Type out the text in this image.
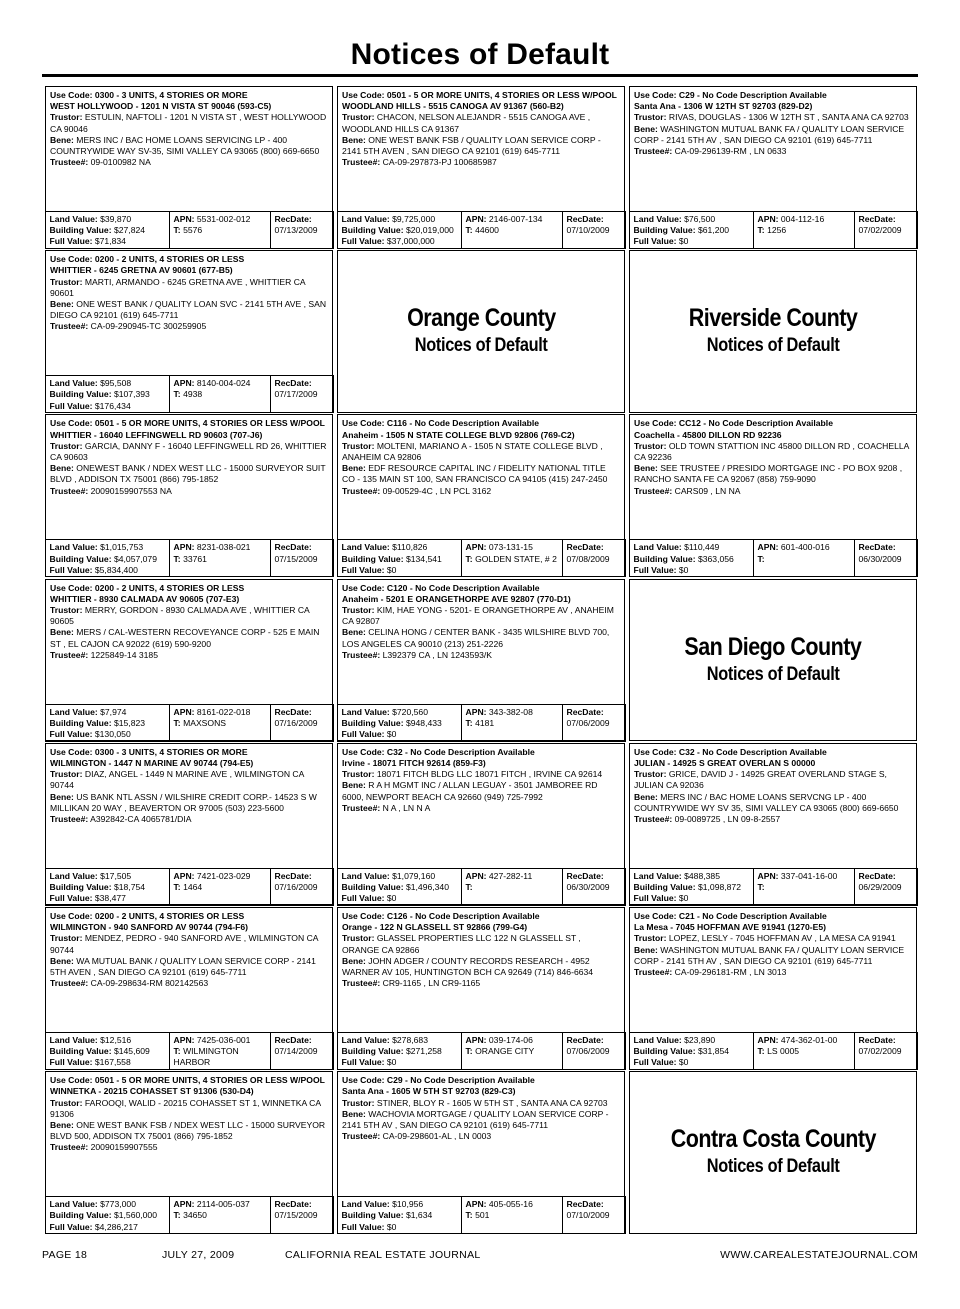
Notices of Default
Use Code: 0300 - 3 UNITS, 4 STORIES OR MORE
WEST HOLLYWOOD - 1201 N VISTA ST 90046 (593-C5)
Trustor: ESTULIN, NAFTOLI - 1201 N VISTA ST , WEST HOLLYWOOD CA 90046
Bene: MERS INC / BAC HOME LOANS SERVICING LP - 400 COUNTRYWIDE WAY SV-35, SIMI VALLEY CA 93065 (800) 669-6650
Trustee#: 09-0100982 NA
Land Value: $39,870
Building Value: $27,824
Full Value: $71,834
APN: 5531-002-012
T: 5576
RecDate:
07/13/2009
Use Code: 0200 - 2 UNITS, 4 STORIES OR LESS
WHITTIER - 6245 GRETNA AV 90601 (677-B5)
Trustor: MARTI, ARMANDO - 6245 GRETNA AVE , WHITTIER CA 90601
Bene: ONE WEST BANK / QUALITY LOAN SVC - 2141 5TH AVE , SAN DIEGO CA 92101 (619) 645-7711
Trustee#: CA-09-290945-TC 300259905
Land Value: $95,508
Building Value: $107,393
Full Value: $176,434
APN: 8140-004-024
T: 4938
RecDate:
07/17/2009
Use Code: 0501 - 5 OR MORE UNITS, 4 STORIES OR LESS W/POOL
WHITTIER - 16040 LEFFINGWELL RD 90603 (707-J6)
Trustor: GARCIA, DANNY F - 16040 LEFFINGWELL RD 26, WHITTIER CA 90603
Bene: ONEWEST BANK / NDEX WEST LLC - 15000 SURVEYOR SUIT BLVD , ADDISON TX 75001 (866) 795-1852
Trustee#: 20090159907553 NA
Land Value: $1,015,753
Building Value: $4,057,079
Full Value: $5,834,400
APN: 8231-038-021
T: 33761
RecDate:
07/15/2009
Use Code: 0200 - 2 UNITS, 4 STORIES OR LESS
WHITTIER - 8930 CALMADA AV 90605 (707-E3)
Trustor: MERRY, GORDON - 8930 CALMADA AVE , WHITTIER CA 90605
Bene: MERS / CAL-WESTERN RECOVEYANCE CORP - 525 E MAIN ST , EL CAJON CA 92022 (619) 590-9200
Trustee#: 1225849-14 3185
Land Value: $7,974
Building Value: $15,823
Full Value: $130,050
APN: 8161-022-018
T: MAXSONS
RecDate:
07/16/2009
Use Code: 0300 - 3 UNITS, 4 STORIES OR MORE
WILMINGTON - 1447 N MARINE AV 90744 (794-E5)
Trustor: DIAZ, ANGEL - 1449 N MARINE AVE , WILMINGTON CA 90744
Bene: US BANK NTL ASSN / WILSHIRE CREDIT CORP.- 14523 S W MILLIKAN 20 WAY , BEAVERTON OR 97005 (503) 223-5600
Trustee#: A392842-CA 4065781/DIA
Land Value: $17,505
Building Value: $18,754
Full Value: $38,477
APN: 7421-023-029
T: 1464
RecDate:
07/16/2009
Use Code: 0200 - 2 UNITS, 4 STORIES OR LESS
WILMINGTON - 940 SANFORD AV 90744 (794-F6)
Trustor: MENDEZ, PEDRO - 940 SANFORD AVE , WILMINGTON CA 90744
Bene: WA MUTUAL BANK / QUALITY LOAN SERVICE CORP - 2141 5TH AVEN , SAN DIEGO CA 92101 (619) 645-7711
Trustee#: CA-09-298634-RM 802142563
Land Value: $12,516
Building Value: $145,609
Full Value: $167,558
APN: 7425-036-001
T: WILMINGTON HARBOR
RecDate:
07/14/2009
Use Code: 0501 - 5 OR MORE UNITS, 4 STORIES OR LESS W/POOL
WINNETKA - 20215 COHASSET ST 91306 (530-D4)
Trustor: FAROOQI, WALID - 20215 COHASSET ST 1, WINNETKA CA 91306
Bene: ONE WEST BANK FSB / NDEX WEST LLC - 15000 SURVEYOR BLVD 500, ADDISON TX 75001 (866) 795-1852
Trustee#: 20090159907555
Land Value: $773,000
Building Value: $1,560,000
Full Value: $4,286,217
APN: 2114-005-037
T: 34650
RecDate:
07/15/2009
Use Code: 0501 - 5 OR MORE UNITS, 4 STORIES OR LESS W/POOL
WOODLAND HILLS - 5515 CANOGA AV 91367 (560-B2)
Trustor: CHACON, NELSON ALEJANDR - 5515 CANOGA AVE , WOODLAND HILLS CA 91367
Bene: ONE WEST BANK FSB / QUALITY LOAN SERVICE CORP - 2141 5TH AVEN , SAN DIEGO CA 92101 (619) 645-7711
Trustee#: CA-09-297873-PJ 100685987
Land Value: $9,725,000
Building Value: $20,019,000
Full Value: $37,000,000
APN: 2146-007-134
T: 44600
RecDate:
07/10/2009
Orange County
Notices of Default
Use Code: C116 - No Code Description Available
Anaheim - 1505 N STATE COLLEGE BLVD 92806 (769-C2)
Trustor: MOLTENI, MARIANO A - 1505 N STATE COLLEGE BLVD , ANAHEIM CA 92806
Bene: EDF RESOURCE CAPITAL INC / FIDELITY NATIONAL TITLE CO - 135 MAIN ST 100, SAN FRANCISCO CA 94105 (415) 247-2450
Trustee#: 09-00529-4C , LN PCL 3162
Land Value: $110,826
Building Value: $134,541
Full Value: $0
APN: 073-131-15
T: GOLDEN STATE, # 2
RecDate:
07/08/2009
Use Code: C120 - No Code Description Available
Anaheim - 5201 E ORANGETHORPE AVE 92807 (770-D1)
Trustor: KIM, HAE YONG - 5201- E ORANGETHORPE AV , ANAHEIM CA 92807
Bene: CELINA HONG / CENTER BANK - 3435 WILSHIRE BLVD 700, LOS ANGELES CA 90010 (213) 251-2226
Trustee#: L392379 CA , LN 1243593/K
Land Value: $720,560
Building Value: $948,433
Full Value: $0
APN: 343-382-08
T: 4181
RecDate:
07/06/2009
Use Code: C32 - No Code Description Available
Irvine - 18071 FITCH 92614 (859-F3)
Trustor: 18071 FITCH BLDG LLC 18071 FITCH , IRVINE CA 92614
Bene: R A H MGMT INC / ALLAN LEGUAY - 3501 JAMBOREE RD 6000, NEWPORT BEACH CA 92660 (949) 725-7992
Trustee#: N A , LN N A
Land Value: $1,079,160
Building Value: $1,496,340
Full Value: $0
APN: 427-282-11
T:
RecDate:
06/30/2009
Use Code: C126 - No Code Description Available
Orange - 122 N GLASSELL ST 92866 (799-G4)
Trustor: GLASSEL PROPERTIES LLC 122 N GLASSELL ST , ORANGE CA 92866
Bene: JOHN ADGER / COUNTY RECORDS RESEARCH - 4952 WARNER AV 105, HUNTINGTON BCH CA 92649 (714) 846-6634
Trustee#: CR9-1165 , LN CR9-1165
Land Value: $278,683
Building Value: $271,258
Full Value: $0
APN: 039-174-06
T: ORANGE CITY
RecDate:
07/06/2009
Use Code: C29 - No Code Description Available
Santa Ana - 1605 W 5TH ST 92703 (829-C3)
Trustor: STINER, BLOY R - 1605 W 5TH ST , SANTA ANA CA 92703
Bene: WACHOVIA MORTGAGE / QUALITY LOAN SERVICE CORP - 2141 5TH AV , SAN DIEGO CA 92101 (619) 645-7711
Trustee#: CA-09-298601-AL , LN 0003
Land Value: $10,956
Building Value: $1,634
Full Value: $0
APN: 405-055-16
T: 501
RecDate:
07/10/2009
Use Code: C29 - No Code Description Available
Santa Ana - 1306 W 12TH ST 92703 (829-D2)
Trustor: RIVAS, DOUGLAS - 1306 W 12TH ST , SANTA ANA CA 92703
Bene: WASHINGTON MUTUAL BANK FA / QUALITY LOAN SERVICE CORP - 2141 5TH AV , SAN DIEGO CA 92101 (619) 645-7711
Trustee#: CA-09-296139-RM , LN 0633
Land Value: $76,500
Building Value: $61,200
Full Value: $0
APN: 004-112-16
T: 1256
RecDate:
07/02/2009
Riverside County
Notices of Default
Use Code: CC12 - No Code Description Available
Coachella - 45800 DILLON RD 92236
Trustor: OLD TOWN STATTION INC 45800 DILLON RD , COACHELLA CA 92236
Bene: SEE TRUSTEE / PRESIDO MORTGAGE INC - PO BOX 9208 , RANCHO SANTA FE CA 92067 (858) 759-9090
Trustee#: CARS09 , LN NA
Land Value: $110,449
Building Value: $363,056
Full Value: $0
APN: 601-400-016
T:
RecDate:
06/30/2009
San Diego County
Notices of Default
Use Code: C32 - No Code Description Available
JULIAN - 14925 S GREAT OVERLAN S 00000
Trustor: GRICE, DAVID J - 14925 GREAT OVERLAND STAGE S, JULIAN CA 92036
Bene: MERS INC / BAC HOME LOANS SERVCNG LP - 400 COUNTRYWIDE WY SV 35, SIMI VALLEY CA 93065 (800) 669-6650
Trustee#: 09-0089725 , LN 09-8-2557
Land Value: $488,385
Building Value: $1,098,872
Full Value: $0
APN: 337-041-16-00
T:
RecDate:
06/29/2009
Use Code: C21 - No Code Description Available
La Mesa - 7045 HOFFMAN AVE 91941 (1270-E5)
Trustor: LOPEZ, LESLY - 7045 HOFFMAN AV , LA MESA CA 91941
Bene: WASHINGTON MUTUAL BANK FA / QUALITY LOAN SERVICE CORP - 2141 5TH AV , SAN DIEGO CA 92101 (619) 645-7711
Trustee#: CA-09-296181-RM , LN 3013
Land Value: $23,890
Building Value: $31,854
Full Value: $0
APN: 474-362-01-00
T: LS 0005
RecDate:
07/02/2009
Contra Costa County
Notices of Default
PAGE 18	JULY 27, 2009	CALIFORNIA REAL ESTATE JOURNAL	WWW.CAREALESTATEJOURNAL.COM
